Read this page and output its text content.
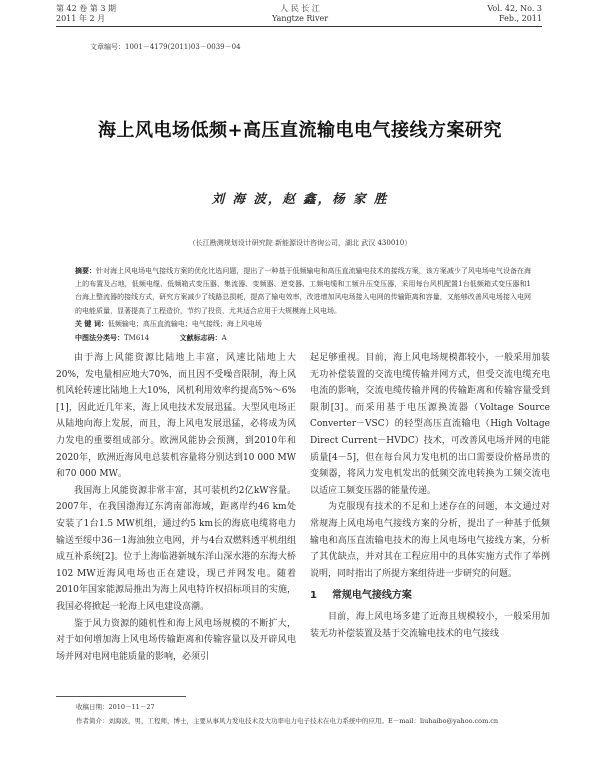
第 42 卷 第 3 期
2011 年 2 月
人 民 长 江
Yangtze River
Vol. 42, No. 3
Feb., 2011
文章编号：1001－4179(2011)03－0039－04
海上风电场低频+高压直流输电电气接线方案研究
刘 海 波，赵 鑫，杨 家 胜
（长江勘测规划设计研究院 新能源设计咨询公司，湖北 武汉 430010）
摘要：针对海上风电场电气接线方案的优化比选问题，提出了一种基于低频输电和高压直流输电技术的接线方案，该方案减少了风电场电气设备在海上的布置及占地，低频电缆、低频箱式变压器、集流器、变频器、逆变器、工频电缆和工频升压变压器，采用每台风机配置1台低频箱式变压器和1台海上整流器的接线方式，研究方案减少了线路总损耗，提高了输电效率，改进增加风电场接入电网的传输距离和容量，又能够改善风电场接入电网的电能质量，显著提高了工程造价，节约了投资，尤其适合应用于大规模海上风电场。
关 键 词：低频输电；高压直流输电；电气接线；海上风电场
中图法分类号：TM614	文献标志码：A

由于海上风能资源比陆地上丰富，风速比陆地上大20%，发电量相应地大70%，而且因不受噪音限制，海上风机风轮转速比陆地上大10%，风机利用效率约提高5%～6%[1]，因此近几年来，海上风电技术发展迅猛。大型风电场正从陆地向海上发展，而且，海上风电发展迅猛，必将成为风力发电的重要组成部分。欧洲风能协会预测，到2010年和2020年，欧洲近海风电总装机容量将分别达到10 000 MW和70 000 MW。

我国海上风能资源非常丰富，其可装机约2亿kW容量。2007年，在我国渤海辽东湾南部海域，距离岸约46 km处安装了1台1.5 MW机组，通过约5 km长的海底电缆将电力输送至绥中36－1海油独立电网，并与4台双燃料透平机组组成互补系统[2]。位于上海临港新城东洋山深水港的东海大桥102 MW近海风电场也正在建设，现已并网发电。随着2010年国家能源局推出为海上风电特许权招标项目的实施，我国必将掀起一轮海上风电建设高潮。

鉴于风力资源的随机性和海上风电场规模的不断扩大，对于如何增加海上风电场传输距离和传输容量以及开辟风电场并网对电网电能质量的影响，必须引

起足够重视。目前，海上风电场规模都较小，一般采用加装无功补偿装置的交流电缆传输并网方式，但受交流电缆充电电流的影响，交流电缆传输并网的传输距离和传输容量受到限制[3]。而采用基于电压源换流器（Voltage Source Converter－VSC）的轻型高压直流输电（High Voltage Direct Current－HVDC）技术，可改善风电场并网的电能质量[4－5]，但在每台风力发电机的出口需要设价格昂贵的变频器，将风力发电机发出的低频交流电转换为工频交流电以适应工频变压器的能量传递。

为克服现有技术的不足和上述存在的问题，本文通过对常规海上风电场电气接线方案的分析，提出了一种基于低频输电和高压直流输电技术的海上风电场电气接线方案，分析了其优缺点，并对其在工程应用中的具体实施方式作了举例说明，同时指出了所提方案组待进一步研究的问题。

1 常规电气接线方案

目前，海上风电场多建了近海且规模较小，一般采用加装无功补偿装置及基于交流输电技术的电气接线

收稿日期：2010－11－27
作者简介：刘海波，男，工程师，博士，主要从事风力发电技术及大功率电力电子技术在电力系统中的应用。E－mail：liuhaibo@yahoo.com.cn
